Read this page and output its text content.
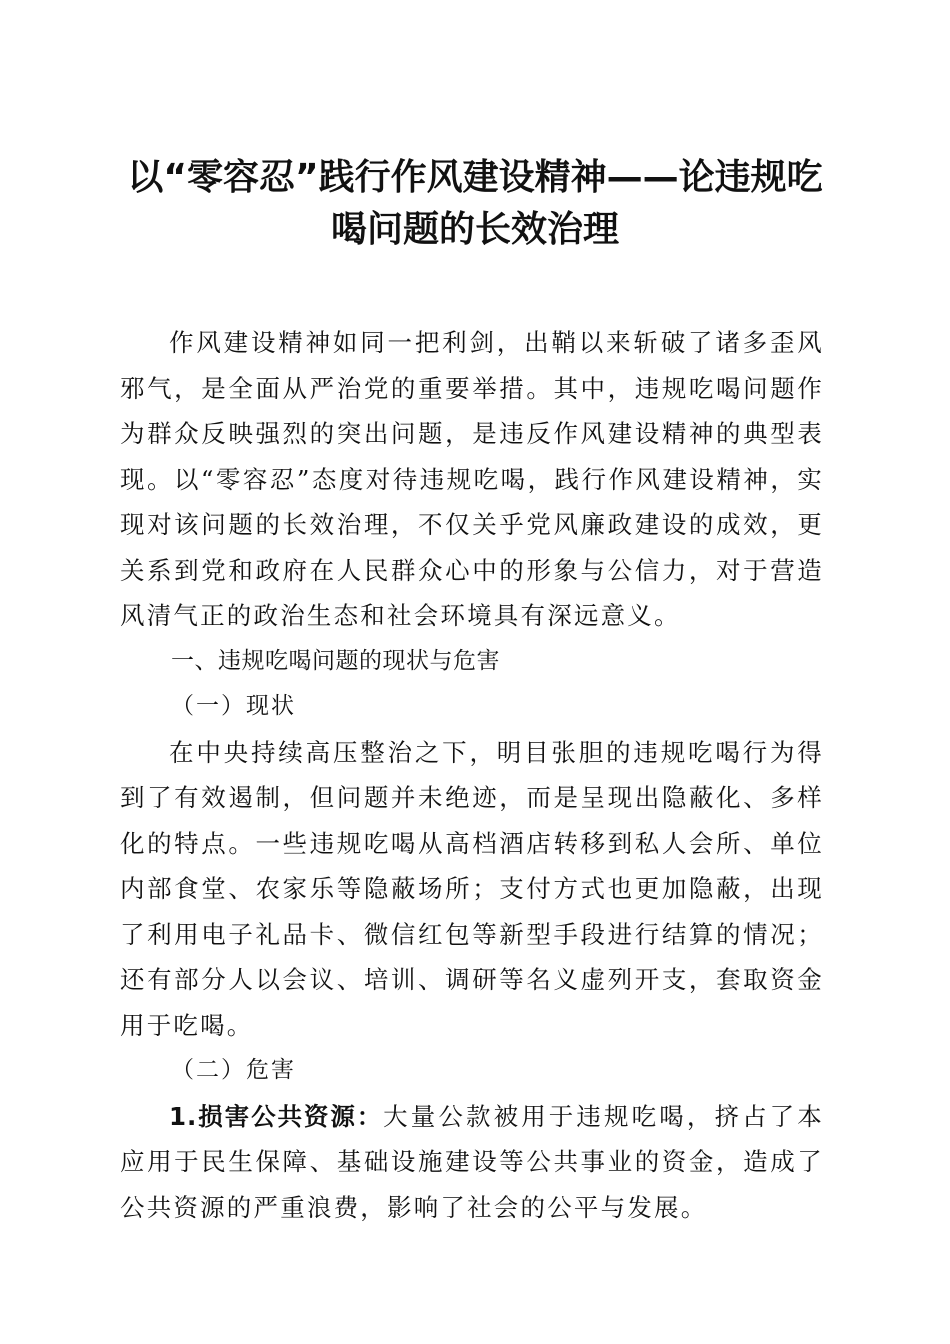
以“零容忍”践行作风建设精神——论违规吃喝问题的长效治理

作风建设精神如同一把利剑，出鞘以来斩破了诸多歪风邪气，是全面从严治党的重要举措。其中，违规吃喝问题作为群众反映强烈的突出问题，是违反作风建设精神的典型表现。以“零容忍”态度对待违规吃喝，践行作风建设精神，实现对该问题的长效治理，不仅关乎党风廉政建设的成效，更关系到党和政府在人民群众心中的形象与公信力，对于营造风清气正的政治生态和社会环境具有深远意义。

一、违规吃喝问题的现状与危害

（一）现状

在中央持续高压整治之下，明目张胆的违规吃喝行为得到了有效遏制，但问题并未绝迹，而是呈现出隐蔽化、多样化的特点。一些违规吃喝从高档酒店转移到私人会所、单位内部食堂、农家乐等隐蔽场所；支付方式也更加隐蔽，出现了利用电子礼品卡、微信红包等新型手段进行结算的情况；还有部分人以会议、培训、调研等名义虚列开支，套取资金用于吃喝。

（二）危害

1.损害公共资源：大量公款被用于违规吃喝，挤占了本应用于民生保障、基础设施建设等公共事业的资金，造成了公共资源的严重浪费，影响了社会的公平与发展。
